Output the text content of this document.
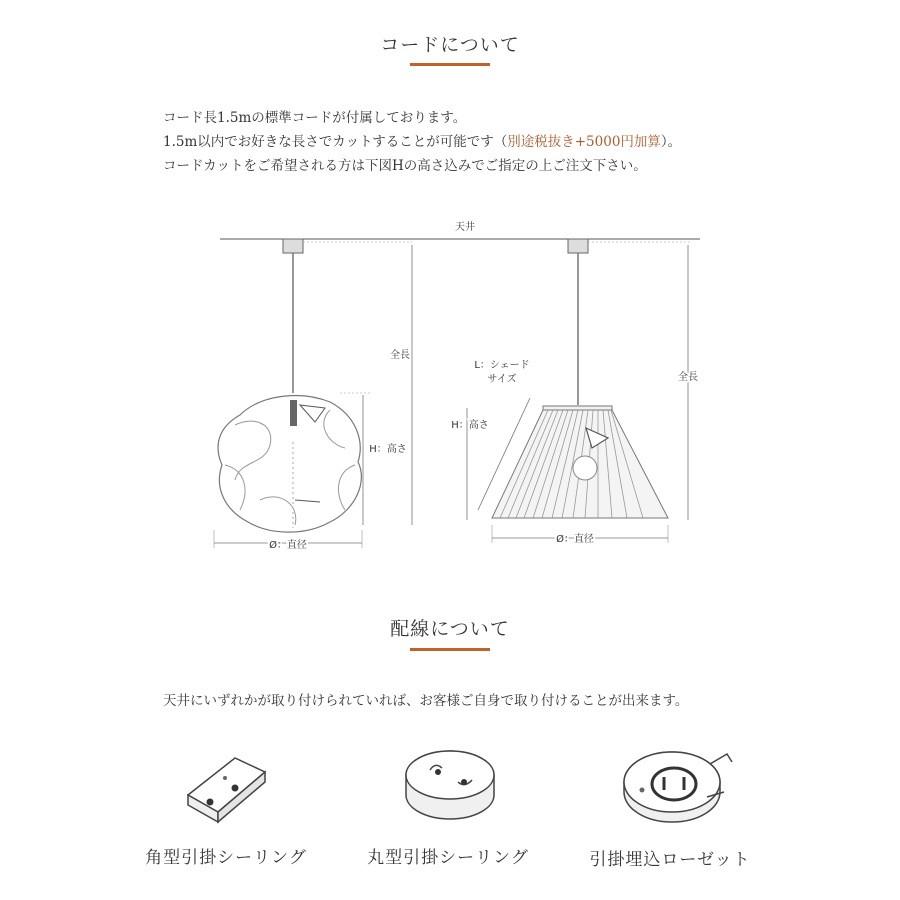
コードについて
コード長1.5mの標準コードが付属しております。
1.5m以内でお好きな長さでカットすることが可能です（別途税抜き+5000円加算）。
コードカットをご希望される方は下図Hの高さ込みでご指定の上ご注文下さい。
天井
全長
H：高さ
Ø：直径
全長
H：高さ
L：シェード
サイズ
Ø：直径
配線について
天井にいずれかが取り付けられていれば、お客様ご自身で取り付けることが出来ます。
角型引掛シーリング	丸型引掛シーリング	引掛埋込ローゼット
